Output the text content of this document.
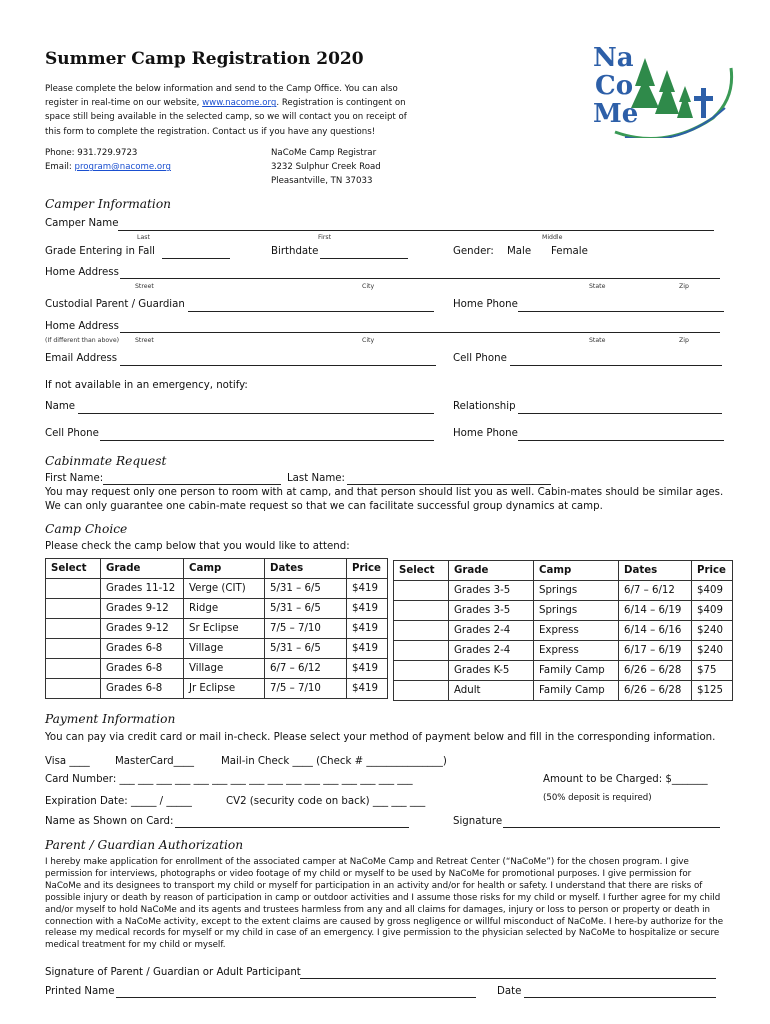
Summer Camp Registration 2020
Please complete the below information and send to the Camp Office. You can also
register in real-time on our website, www.nacome.org. Registration is contingent on
space still being available in the selected camp, so we will contact you on receipt of
this form to complete the registration. Contact us if you have any questions!
Phone: 931.729.9723
Email: program@nacome.org
NaCoMe Camp Registrar
3232 Sulphur Creek Road
Pleasantville, TN 37033
Na
Co
Me
Camper Information
Camper Name
Last	First	Middle
Grade Entering in Fall	Birthdate	Gender: Male Female
Home Address
Street	City	State	Zip
Custodial Parent / Guardian	Home Phone
Home Address
(If different than above)	Street	City	State	Zip
Email Address	Cell Phone
If not available in an emergency, notify:
Name	Relationship
Cell Phone	Home Phone
Cabinmate Request
First Name:	Last Name:
You may request only one person to room with at camp, and that person should list you as well. Cabin-mates should be similar ages.
We can only guarantee one cabin-mate request so that we can facilitate successful group dynamics at camp.
Camp Choice
Please check the camp below that you would like to attend:
Select	Grade	Camp	Dates	Price
	Grades 11-12	Verge (CIT)	5/31 – 6/5	$419
	Grades 9-12	Ridge	5/31 – 6/5	$419
	Grades 9-12	Sr Eclipse	7/5 – 7/10	$419
	Grades 6-8	Village	5/31 – 6/5	$419
	Grades 6-8	Village	6/7 – 6/12	$419
	Grades 6-8	Jr Eclipse	7/5 – 7/10	$419
Select	Grade	Camp	Dates	Price
	Grades 3-5	Springs	6/7 – 6/12	$409
	Grades 3-5	Springs	6/14 – 6/19	$409
	Grades 2-4	Express	6/14 – 6/16	$240
	Grades 2-4	Express	6/17 – 6/19	$240
	Grades K-5	Family Camp	6/26 – 6/28	$75
	Adult	Family Camp	6/26 – 6/28	$125
Payment Information
You can pay via credit card or mail in-check. Please select your method of payment below and fill in the corresponding information.
Visa ____ MasterCard____	Mail-in Check ____ (Check # _______________)
Card Number: ___ ___ ___ ___ ___ ___ ___ ___ ___ ___ ___ ___ ___ ___ ___ ___	Amount to be Charged: $_______
(50% deposit is required)
Expiration Date: _____ / _____	CV2 (security code on back) ___ ___ ___
Name as Shown on Card:	Signature
Parent / Guardian Authorization
I hereby make application for enrollment of the associated camper at NaCoMe Camp and Retreat Center (“NaCoMe”) for the chosen program. I give permission for interviews, photographs or video footage of my child or myself to be used by NaCoMe for promotional purposes. I give permission for NaCoMe and its designees to transport my child or myself for participation in an activity and/or for health or safety. I understand that there are risks of possible injury or death by reason of participation in camp or outdoor activities and I assume those risks for my child or myself. I further agree for my child and/or myself to hold NaCoMe and its agents and trustees harmless from any and all claims for damages, injury or loss to person or property or death in connection with a NaCoMe activity, except to the extent claims are caused by gross negligence or willful misconduct of NaCoMe. I here-by authorize for the release my medical records for myself or my child in case of an emergency. I give permission to the physician selected by NaCoMe to hospitalize or secure medical treatment for my child or myself.
Signature of Parent / Guardian or Adult Participant
Printed Name	Date
